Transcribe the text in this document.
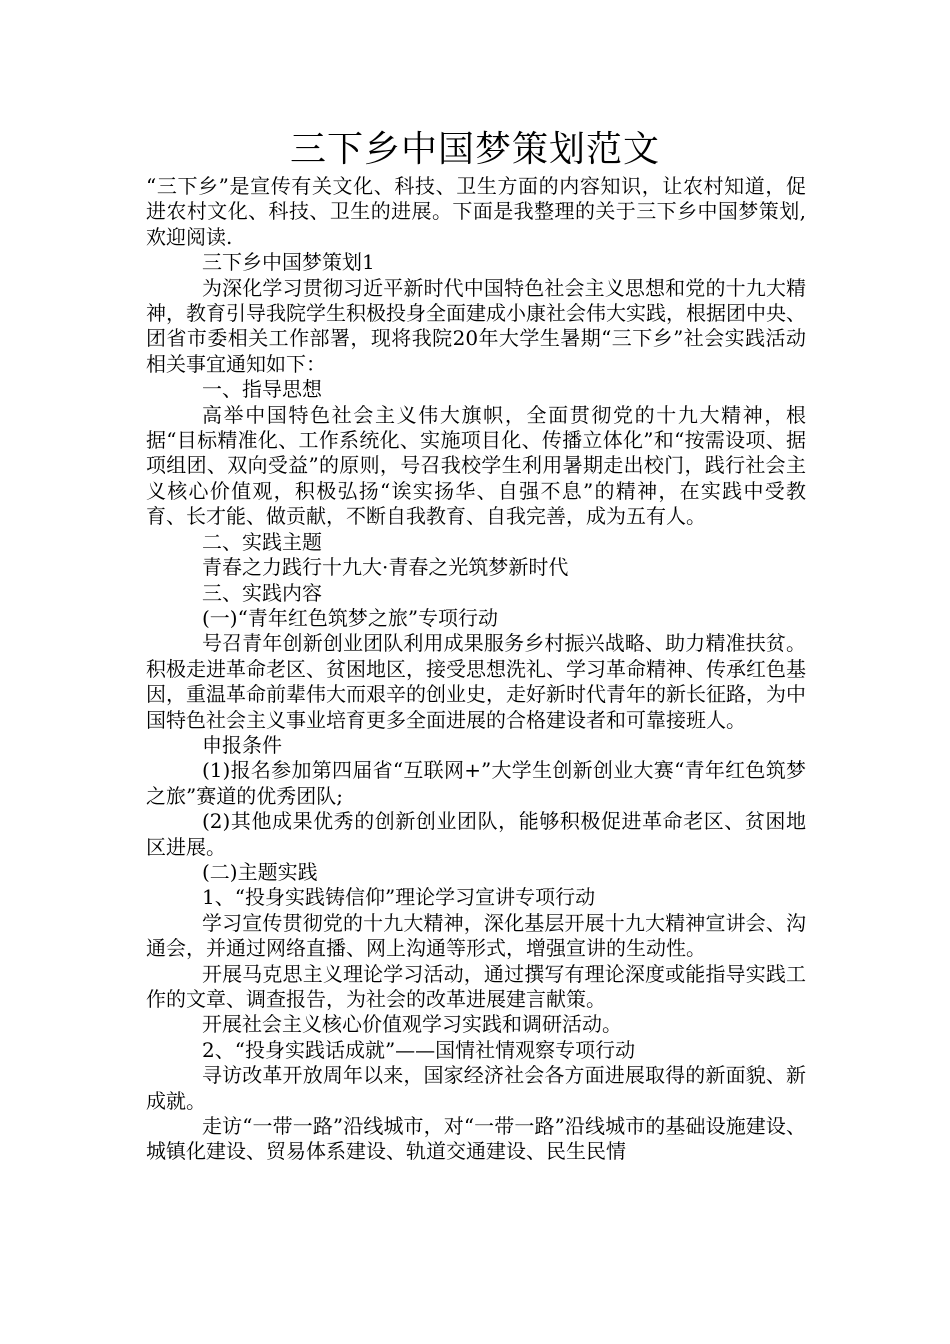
三下乡中国梦策划范文

“三下乡”是宣传有关文化、科技、卫生方面的内容知识，让农村知道，促进农村文化、科技、卫生的进展。下面是我整理的关于三下乡中国梦策划,欢迎阅读.

三下乡中国梦策划1

为深化学习贯彻习近平新时代中国特色社会主义思想和党的十九大精神，教育引导我院学生积极投身全面建成小康社会伟大实践，根据团中央、团省市委相关工作部署，现将我院20年大学生暑期“三下乡”社会实践活动相关事宜通知如下：

一、指导思想

高举中国特色社会主义伟大旗帜，全面贯彻党的十九大精神，根据“目标精准化、工作系统化、实施项目化、传播立体化”和“按需设项、据项组团、双向受益”的原则，号召我校学生利用暑期走出校门，践行社会主义核心价值观，积极弘扬“诶实扬华、自强不息”的精神，在实践中受教育、长才能、做贡献，不断自我教育、自我完善，成为五有人。

二、实践主题

青春之力践行十九大·青春之光筑梦新时代

三、实践内容

(一)“青年红色筑梦之旅”专项行动

号召青年创新创业团队利用成果服务乡村振兴战略、助力精准扶贫。积极走进革命老区、贫困地区，接受思想洗礼、学习革命精神、传承红色基因，重温革命前辈伟大而艰辛的创业史，走好新时代青年的新长征路，为中国特色社会主义事业培育更多全面进展的合格建设者和可靠接班人。

申报条件

(1)报名参加第四届省“互联网+”大学生创新创业大赛“青年红色筑梦之旅”赛道的优秀团队;

(2)其他成果优秀的创新创业团队，能够积极促进革命老区、贫困地区进展。

(二)主题实践

1、“投身实践铸信仰”理论学习宣讲专项行动

学习宣传贯彻党的十九大精神，深化基层开展十九大精神宣讲会、沟通会，并通过网络直播、网上沟通等形式，增强宣讲的生动性。

开展马克思主义理论学习活动，通过撰写有理论深度或能指导实践工作的文章、调查报告，为社会的改革进展建言献策。

开展社会主义核心价值观学习实践和调研活动。

2、“投身实践话成就”——国情社情观察专项行动

寻访改革开放周年以来，国家经济社会各方面进展取得的新面貌、新成就。

走访“一带一路”沿线城市，对“一带一路”沿线城市的基础设施建设、城镇化建设、贸易体系建设、轨道交通建设、民生民情
